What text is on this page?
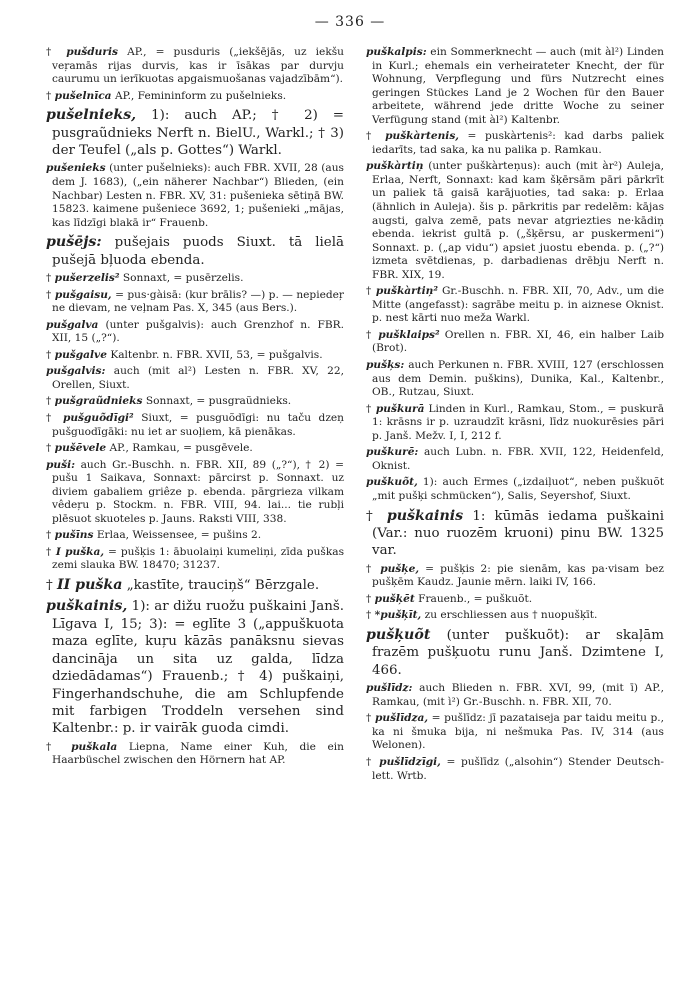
— 336 —

† pušduris AP., = pusduris („iekšējās, uz iekšu veŗamās rijas durvis, kas ir īsākas par durvju caurumu un ierīkuotas apgaismuošanas vajadzībām“).

† pušelnīca AP., Femininform zu pušelnieks.

pušelnieks, 1): auch AP.; † 2) = pusgraũdnieks Nerft n. BielU., Warkl.; † 3) der Teufel („als p. Gottes“) Warkl.

pušenieks (unter pušelnieks): auch FBR. XVII, 28 (aus dem J. 1683), („ein näherer Nachbar“) Blieden, (ein Nachbar) Lesten n. FBR. XV, 31: pušenieka sētiņā BW. 15823. kaimene pušeniece 3692, 1; pušenieki „mājas, kas līdzīgi blakā ir“ Frauenb.

pušējs: pušejais puods Siuxt. tā lielā pušejā bļuoda ebenda.

† pušerzelis² Sonnaxt, = pusērzelis.

† pušgaisu, = pus·gàisā: (kur brālis? —) p. — nepiedeŗ ne dievam, ne veļnam Pas. X, 345 (aus Bers.).

pušgalva (unter pušgalvis): auch Grenzhof n. FBR. XII, 15 („?“).

† pušgalve Kaltenbr. n. FBR. XVII, 53, = pušgalvis.

pušgalvis: auch (mit al²) Lesten n. FBR. XV, 22, Orellen, Siuxt.

† pušgraũdnieks Sonnaxt, = pusgraũdnieks.

† pušguõdīgi² Siuxt, = pusguõdīgi: nu taču dzeņ pušguodīgāki: nu iet ar suoļiem, kā pienākas.

† pušēvele AP., Ramkau, = pusgēvele.

puši: auch Gr.-Buschh. n. FBR. XII, 89 („?“), † 2) = pušu 1 Saikava, Sonnaxt: pārcirst p. Sonnaxt. uz diviem gabaliem griêze p. ebenda. pārgrieza vilkam vêdeŗu p. Stockm. n. FBR. VIII, 94. lai... tie rubļi plēsuot skuoteles p. Jauns. Raksti VIII, 338.

† pušīns Erlaa, Weissensee, = pušins 2.

† I puška, = pušķis 1: ābuolaiņi kumeliņi, zīda puškas zemi slauka BW. 18470; 31237.

† II puška „kastīte, trauciņš“ Bērzgale.

puškainis, 1): ar dižu ruožu puškaini Janš. Līgava I, 15; 3): = eglīte 3 („appuškuota maza eglīte, kuŗu kāzās panāksnu sievas dancināja un sita uz galda, līdza dziedādamas“) Frauenb.; † 4) puškaiņi, Fingerhandschuhe, die am Schlupfende mit farbigen Troddeln versehen sind Kaltenbr.: p. ir vairāk guoda cimdi.

† puškala Liepna, Name einer Kuh, die ein Haarbüschel zwischen den Hörnern hat AP.

puškalpis: ein Sommerknecht — auch (mit àl²) Linden in Kurl.; ehemals ein verheirateter Knecht, der für Wohnung, Verpflegung und fürs Nutzrecht eines geringen Stückes Land je 2 Wochen für den Bauer arbeitete, während jede dritte Woche zu seiner Verfügung stand (mit àl²) Kaltenbr.

† puškàrtenis, = puskàrtenis²: kad darbs paliek iedarīts, tad saka, ka nu palika p. Ramkau.

puškàrtiņ (unter puškàrteņus): auch (mit àr²) Auleja, Erlaa, Nerft, Sonnaxt: kad kam šķērsām pāri pārkrīt un paliek tā gaisā karājuoties, tad saka: p. Erlaa (ähnlich in Auleja). šis p. pārkritis par redelēm: kājas augsti, galva zemē, pats nevar atgriezties ne·kādiņ ebenda. iekrist gultā p. („šķērsu, ar puskermeni“) Sonnaxt. p. („ap vidu“) apsiet juostu ebenda. p. („?“) izmeta svētdienas, p. darbadienas drēbju Nerft n. FBR. XIX, 19.

† puškàrtiņ² Gr.-Buschh. n. FBR. XII, 70, Adv., um die Mitte (angefasst): sagrābe meitu p. in aiznese Oknist. p. nest kārti nuo meža Warkl.

† pušklaips² Orellen n. FBR. XI, 46, ein halber Laib (Brot).

pušķs: auch Perkunen n. FBR. XVIII, 127 (erschlossen aus dem Demin. puškins), Dunika, Kal., Kaltenbr., OB., Rutzau, Siuxt.

† puškurā Linden in Kurl., Ramkau, Stom., = puskurā 1: krāsns ir p. uzraudzīt krāsni, līdz nuokurēsies pāri p. Janš. Mežv. I, I, 212 f.

puškurē: auch Lubn. n. FBR. XVII, 122, Heidenfeld, Oknist.

puškuõt, 1): auch Ermes („izdaiļuot“, neben puškuõt „mit pušķi schmücken“), Salis, Seyershof, Siuxt.

† puškainis 1: kūmās iedama puškaini (Var.: nuo ruozēm kruoni) pinu BW. 1325 var.

† pušķe, = pušķis 2: pie sienām, kas pa·visam bez pušķēm Kaudz. Jaunie mērn. laiki IV, 166.

† pušķēt Frauenb., = puškuõt.

† *pušķīt, zu erschliessen aus † nuopušķīt.

pušķuõt (unter puškuõt): ar skaļām frazēm pušķuotu runu Janš. Dzimtene I, 466.

pušlīdz: auch Blieden n. FBR. XVI, 99, (mit ī) AP., Ramkau, (mit ì²) Gr.-Buschh. n. FBR. XII, 70.

† pušlīdza, = pušlīdz: jī pazataiseja par taidu meitu p., ka ni šmuka bija, ni nešmuka Pas. IV, 314 (aus Welonen).

† pušlīdzīgi, = pušlīdz („alsohin“) Stender Deutsch-lett. Wrtb.
